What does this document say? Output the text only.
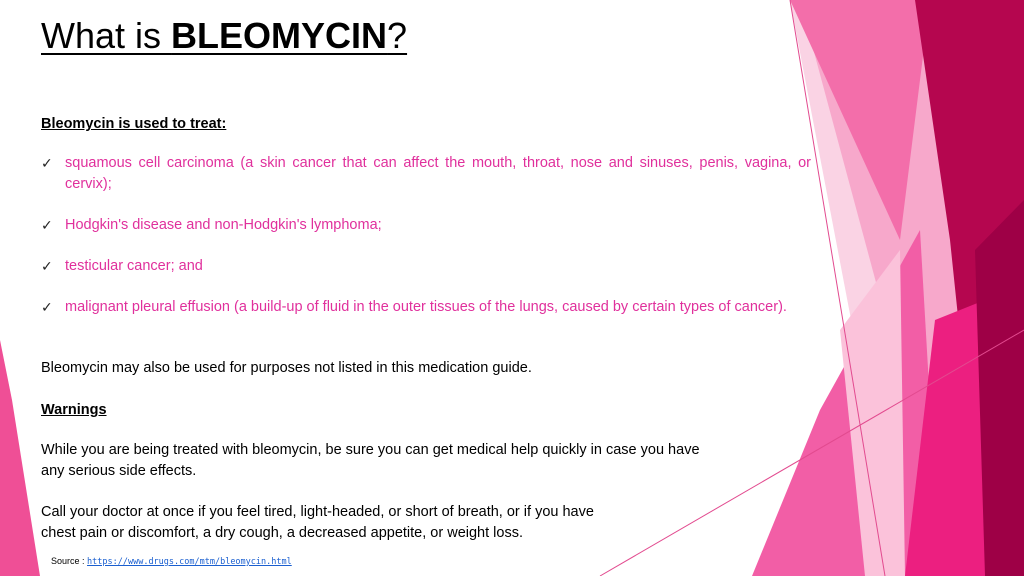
What is BLEOMYCIN?
Bleomycin is used to treat:
✓ squamous cell carcinoma (a skin cancer that can affect the mouth, throat, nose and sinuses, penis, vagina, or cervix);
✓ Hodgkin's disease and non-Hodgkin's lymphoma;
✓ testicular cancer; and
✓ malignant pleural effusion (a build-up of fluid in the outer tissues of the lungs, caused by certain types of cancer).

Bleomycin may also be used for purposes not listed in this medication guide.

Warnings

While you are being treated with bleomycin, be sure you can get medical help quickly in case you have
any serious side effects.

Call your doctor at once if you feel tired, light-headed, or short of breath, or if you have
chest pain or discomfort, a dry cough, a decreased appetite, or weight loss.

Source : https://www.drugs.com/mtm/bleomycin.html
